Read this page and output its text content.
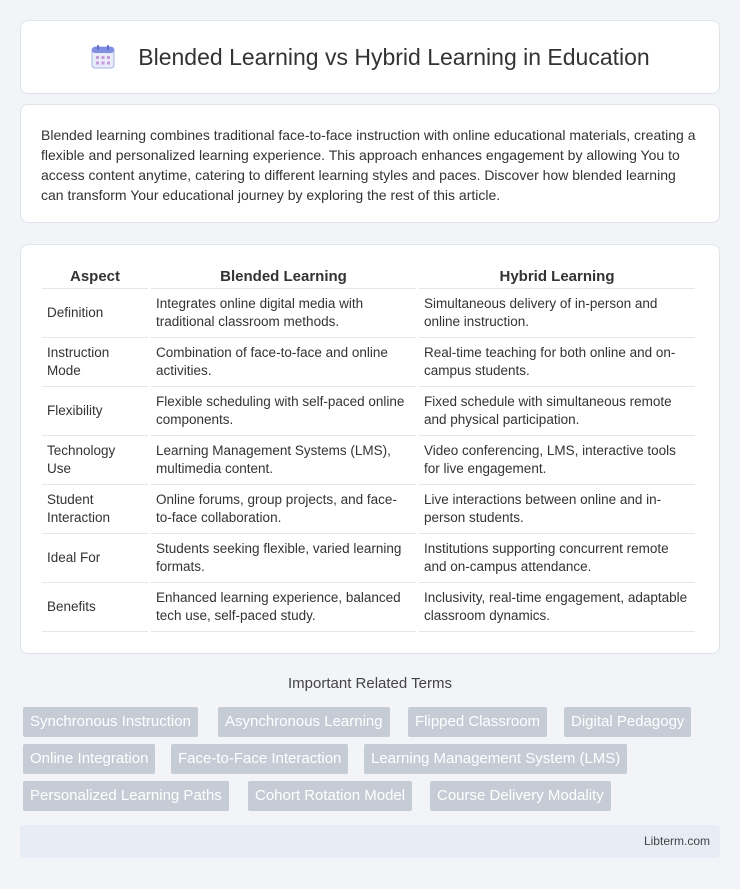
Blended Learning vs Hybrid Learning in Education

Blended learning combines traditional face-to-face instruction with online educational materials, creating a flexible and personalized learning experience. This approach enhances engagement by allowing You to access content anytime, catering to different learning styles and paces. Discover how blended learning can transform Your educational journey by exploring the rest of this article.

Aspect	Blended Learning	Hybrid Learning
Definition	Integrates online digital media with traditional classroom methods.	Simultaneous delivery of in-person and online instruction.
Instruction Mode	Combination of face-to-face and online activities.	Real-time teaching for both online and on-campus students.
Flexibility	Flexible scheduling with self-paced online components.	Fixed schedule with simultaneous remote and physical participation.
Technology Use	Learning Management Systems (LMS), multimedia content.	Video conferencing, LMS, interactive tools for live engagement.
Student Interaction	Online forums, group projects, and face-to-face collaboration.	Live interactions between online and in-person students.
Ideal For	Students seeking flexible, varied learning formats.	Institutions supporting concurrent remote and on-campus attendance.
Benefits	Enhanced learning experience, balanced tech use, self-paced study.	Inclusivity, real-time engagement, adaptable classroom dynamics.
Important Related Terms
Synchronous Instruction	Asynchronous Learning	Flipped Classroom	Digital Pedagogy
Online Integration	Face-to-Face Interaction	Learning Management System (LMS)
Personalized Learning Paths	Cohort Rotation Model	Course Delivery Modality
Libterm.com
